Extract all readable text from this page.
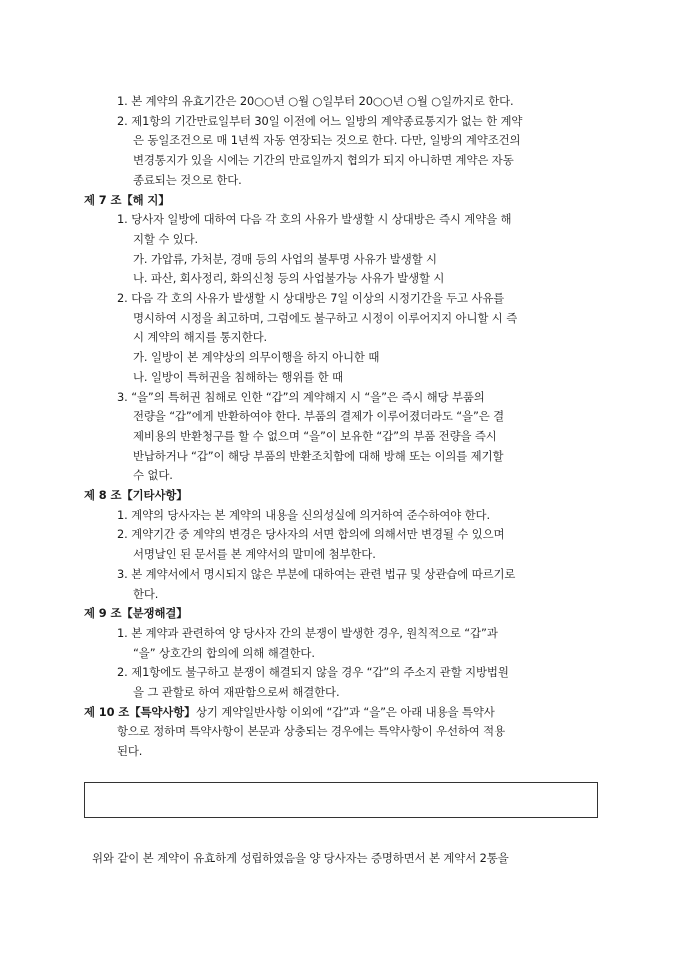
1. 본 계약의 유효기간은 20○○년 ○월 ○일부터 20○○년 ○월 ○일까지로 한다.
2. 제1항의 기간만료일부터 30일 이전에 어느 일방의 계약종료통지가 없는 한 계약
은 동일조건으로 매 1년씩 자동 연장되는 것으로 한다. 다만, 일방의 계약조건의
변경통지가 있을 시에는 기간의 만료일까지 협의가 되지 아니하면 계약은 자동
종료되는 것으로 한다.
제 7 조【해 지】
1. 당사자 일방에 대하여 다음 각 호의 사유가 발생할 시 상대방은 즉시 계약을 해
지할 수 있다.
가. 가압류, 가처분, 경매 등의 사업의 불투명 사유가 발생할 시
나. 파산, 회사정리, 화의신청 등의 사업불가능 사유가 발생할 시
2. 다음 각 호의 사유가 발생할 시 상대방은 7일 이상의 시정기간을 두고 사유를
명시하여 시정을 최고하며, 그럼에도 불구하고 시정이 이루어지지 아니할 시 즉
시 계약의 해지를 통지한다.
가. 일방이 본 계약상의 의무이행을 하지 아니한 때
나. 일방이 특허권을 침해하는 행위를 한 때
3. “을”의 특허권 침해로 인한 “갑”의 계약해지 시 “을”은 즉시 해당 부품의
전량을 “갑”에게 반환하여야 한다. 부품의 결제가 이루어졌더라도 “을”은 결
제비용의 반환청구를 할 수 없으며 “을”이 보유한 “갑”의 부품 전량을 즉시
반납하거나 “갑”이 해당 부품의 반환조치함에 대해 방해 또는 이의를 제기할
수 없다.
제 8 조【기타사항】
1. 계약의 당사자는 본 계약의 내용을 신의성실에 의거하여 준수하여야 한다.
2. 계약기간 중 계약의 변경은 당사자의 서면 합의에 의해서만 변경될 수 있으며
서명날인 된 문서를 본 계약서의 말미에 첨부한다.
3. 본 계약서에서 명시되지 않은 부분에 대하여는 관련 법규 및 상관습에 따르기로
한다.
제 9 조【분쟁해결】
1. 본 계약과 관련하여 양 당사자 간의 분쟁이 발생한 경우, 원칙적으로 “갑”과
“을” 상호간의 합의에 의해 해결한다.
2. 제1항에도 불구하고 분쟁이 해결되지 않을 경우 “갑”의 주소지 관할 지방법원
을 그 관할로 하여 재판함으로써 해결한다.
위와 같이 본 계약이 유효하게 성립하였음을 양 당사자는 증명하면서 본 계약서 2통을
제 10 조【특약사항】 상기 계약일반사항 이외에 “갑”과 “을”은 아래 내용을 특약사
항으로 정하며 특약사항이 본문과 상충되는 경우에는 특약사항이 우선하여 적용
된다.
